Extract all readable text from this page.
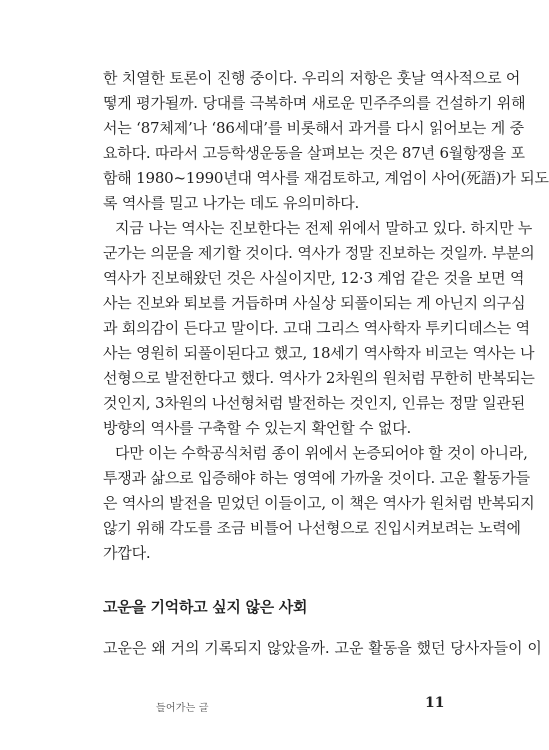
한 치열한 토론이 진행 중이다. 우리의 저항은 훗날 역사적으로 어
떻게 평가될까. 당대를 극복하며 새로운 민주주의를 건설하기 위해
서는 ‘87체제’나 ‘86세대’를 비롯해서 과거를 다시 읽어보는 게 중
요하다. 따라서 고등학생운동을 살펴보는 것은 87년 6월항쟁을 포
함해 1980~1990년대 역사를 재검토하고, 계엄이 사어(死語)가 되도
록 역사를 밀고 나가는 데도 유의미하다.
지금 나는 역사는 진보한다는 전제 위에서 말하고 있다. 하지만 누
군가는 의문을 제기할 것이다. 역사가 정말 진보하는 것일까. 부분의
역사가 진보해왔던 것은 사실이지만, 12·3 계엄 같은 것을 보면 역
사는 진보와 퇴보를 거듭하며 사실상 되풀이되는 게 아닌지 의구심
과 회의감이 든다고 말이다. 고대 그리스 역사학자 투키디데스는 역
사는 영원히 되풀이된다고 했고, 18세기 역사학자 비코는 역사는 나
선형으로 발전한다고 했다. 역사가 2차원의 원처럼 무한히 반복되는
것인지, 3차원의 나선형처럼 발전하는 것인지, 인류는 정말 일관된
방향의 역사를 구축할 수 있는지 확언할 수 없다.
다만 이는 수학공식처럼 종이 위에서 논증되어야 할 것이 아니라,
투쟁과 삶으로 입증해야 하는 영역에 가까울 것이다. 고운 활동가들
은 역사의 발전을 믿었던 이들이고, 이 책은 역사가 원처럼 반복되지
않기 위해 각도를 조금 비틀어 나선형으로 진입시켜보려는 노력에
가깝다.
고운을 기억하고 싶지 않은 사회
고운은 왜 거의 기록되지 않았을까. 고운 활동을 했던 당사자들이 이
들어가는 글	11
